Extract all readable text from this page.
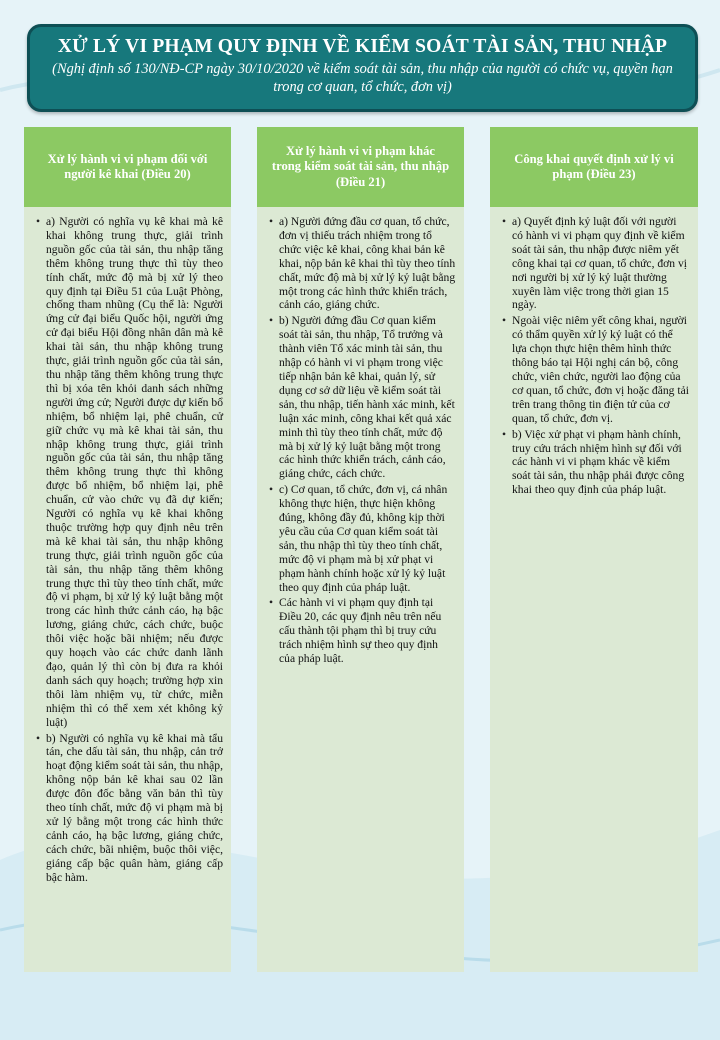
XỬ LÝ VI PHẠM QUY ĐỊNH VỀ KIỂM SOÁT TÀI SẢN, THU NHẬP
(Nghị định số 130/NĐ-CP ngày 30/10/2020 về kiểm soát tài sản, thu nhập của người có chức vụ, quyền hạn trong cơ quan, tổ chức, đơn vị)
Xử lý hành vi vi phạm đối với người kê khai (Điều 20)
• a) Người có nghĩa vụ kê khai mà kê khai không trung thực, giải trình nguồn gốc của tài sản, thu nhập tăng thêm không trung thực thì tùy theo tính chất, mức độ mà bị xử lý theo quy định tại Điều 51 của Luật Phòng, chống tham nhũng (Cụ thể là: Người ứng cử đại biểu Quốc hội, người ứng cử đại biểu Hội đồng nhân dân mà kê khai tài sản, thu nhập không trung thực, giải trình nguồn gốc của tài sản, thu nhập tăng thêm không trung thực thì bị xóa tên khỏi danh sách những người ứng cử; Người được dự kiến bổ nhiệm, bổ nhiệm lại, phê chuẩn, cử giữ chức vụ mà kê khai tài sản, thu nhập không trung thực, giải trình nguồn gốc của tài sản, thu nhập tăng thêm không trung thực thì không được bổ nhiệm, bổ nhiệm lại, phê chuẩn, cử vào chức vụ đã dự kiến; Người có nghĩa vụ kê khai không thuộc trường hợp quy định nêu trên mà kê khai tài sản, thu nhập không trung thực, giải trình nguồn gốc của tài sản, thu nhập tăng thêm không trung thực thì tùy theo tính chất, mức độ vi phạm, bị xử lý kỷ luật bằng một trong các hình thức cảnh cáo, hạ bậc lương, giáng chức, cách chức, buộc thôi việc hoặc bãi nhiệm; nếu được quy hoạch vào các chức danh lãnh đạo, quản lý thì còn bị đưa ra khỏi danh sách quy hoạch; trường hợp xin thôi làm nhiệm vụ, từ chức, miễn nhiệm thì có thể xem xét không kỷ luật)
• b) Người có nghĩa vụ kê khai mà tẩu tán, che dấu tài sản, thu nhập, cản trở hoạt động kiểm soát tài sản, thu nhập, không nộp bản kê khai sau 02 lần được đôn đốc bằng văn bản thì tùy theo tính chất, mức độ vi phạm mà bị xử lý bằng một trong các hình thức cảnh cáo, hạ bậc lương, giáng chức, cách chức, bãi nhiệm, buộc thôi việc, giáng cấp bậc quân hàm, giáng cấp bậc hàm.
Xử lý hành vi vi phạm khác trong kiểm soát tài sản, thu nhập (Điều 21)
• a) Người đứng đầu cơ quan, tổ chức, đơn vị thiếu trách nhiệm trong tổ chức việc kê khai, công khai bản kê khai, nộp bản kê khai thì tùy theo tính chất, mức độ mà bị xử lý kỷ luật bằng một trong các hình thức khiển trách, cảnh cáo, giáng chức.
• b) Người đứng đầu Cơ quan kiểm soát tài sản, thu nhập, Tổ trưởng và thành viên Tổ xác minh tài sản, thu nhập có hành vi vi phạm trong việc tiếp nhận bản kê khai, quản lý, sử dụng cơ sở dữ liệu về kiểm soát tài sản, thu nhập, tiến hành xác minh, kết luận xác minh, công khai kết quả xác minh thì tùy theo tính chất, mức độ mà bị xử lý kỷ luật bằng một trong các hình thức khiển trách, cảnh cáo, giáng chức, cách chức.
• c) Cơ quan, tổ chức, đơn vị, cá nhân không thực hiện, thực hiện không đúng, không đầy đủ, không kịp thời yêu cầu của Cơ quan kiểm soát tài sản, thu nhập thì tùy theo tính chất, mức độ vi phạm mà bị xử phạt vi phạm hành chính hoặc xử lý kỷ luật theo quy định của pháp luật.
• Các hành vi vi phạm quy định tại Điều 20, các quy định nêu trên nếu cấu thành tội phạm thì bị truy cứu trách nhiệm hình sự theo quy định của pháp luật.
Công khai quyết định xử lý vi phạm (Điều 23)
• a) Quyết định kỷ luật đối với người có hành vi vi phạm quy định về kiểm soát tài sản, thu nhập được niêm yết công khai tại cơ quan, tổ chức, đơn vị nơi người bị xử lý kỷ luật thường xuyên làm việc trong thời gian 15 ngày.
• Ngoài việc niêm yết công khai, người có thẩm quyền xử lý kỷ luật có thể lựa chọn thực hiện thêm hình thức thông báo tại Hội nghị cán bộ, công chức, viên chức, người lao động của cơ quan, tổ chức, đơn vị hoặc đăng tải trên trang thông tin điện tử của cơ quan, tổ chức, đơn vị.
• b) Việc xử phạt vi phạm hành chính, truy cứu trách nhiệm hình sự đối với các hành vi vi phạm khác về kiểm soát tài sản, thu nhập phải được công khai theo quy định của pháp luật.
